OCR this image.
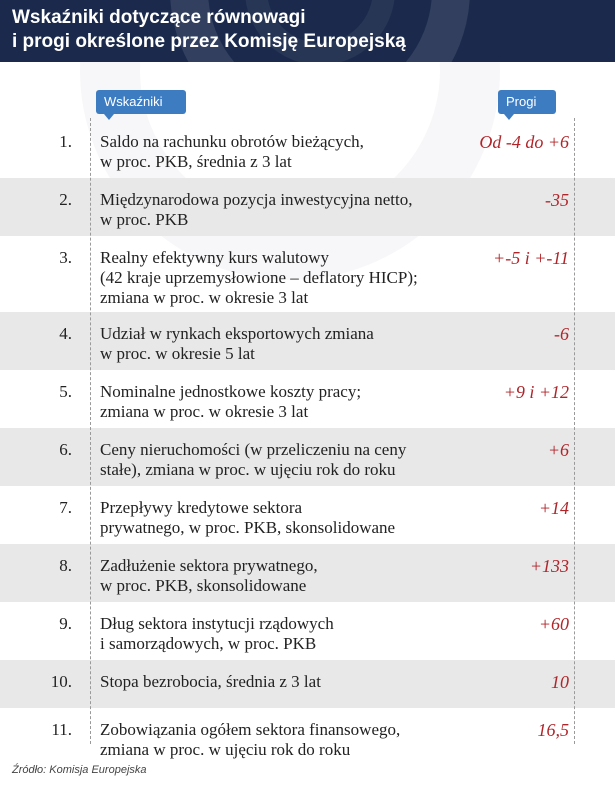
Wskaźniki dotyczące równowagi
i progi określone przez Komisję Europejską
Wskaźniki	Progi
1. Saldo na rachunku obrotów bieżących,
w proc. PKB, średnia z 3 lat
Od -4 do +6
2. Międzynarodowa pozycja inwestycyjna netto,
w proc. PKB
-35
3. Realny efektywny kurs walutowy
(42 kraje uprzemysłowione – deflatory HICP);
zmiana w proc. w okresie 3 lat
+-5 i +-11
4. Udział w rynkach eksportowych zmiana
w proc. w okresie 5 lat
-6
5. Nominalne jednostkowe koszty pracy;
zmiana w proc. w okresie 3 lat
+9 i +12
6. Ceny nieruchomości (w przeliczeniu na ceny
stałe), zmiana w proc. w ujęciu rok do roku
+6
7. Przepływy kredytowe sektora
prywatnego, w proc. PKB, skonsolidowane
+14
8. Zadłużenie sektora prywatnego,
w proc. PKB, skonsolidowane
+133
9. Dług sektora instytucji rządowych
i samorządowych, w proc. PKB
+60
10. Stopa bezrobocia, średnia z 3 lat	10
11. Zobowiązania ogółem sektora finansowego,
zmiana w proc. w ujęciu rok do roku
16,5
Źródło: Komisja Europejska
